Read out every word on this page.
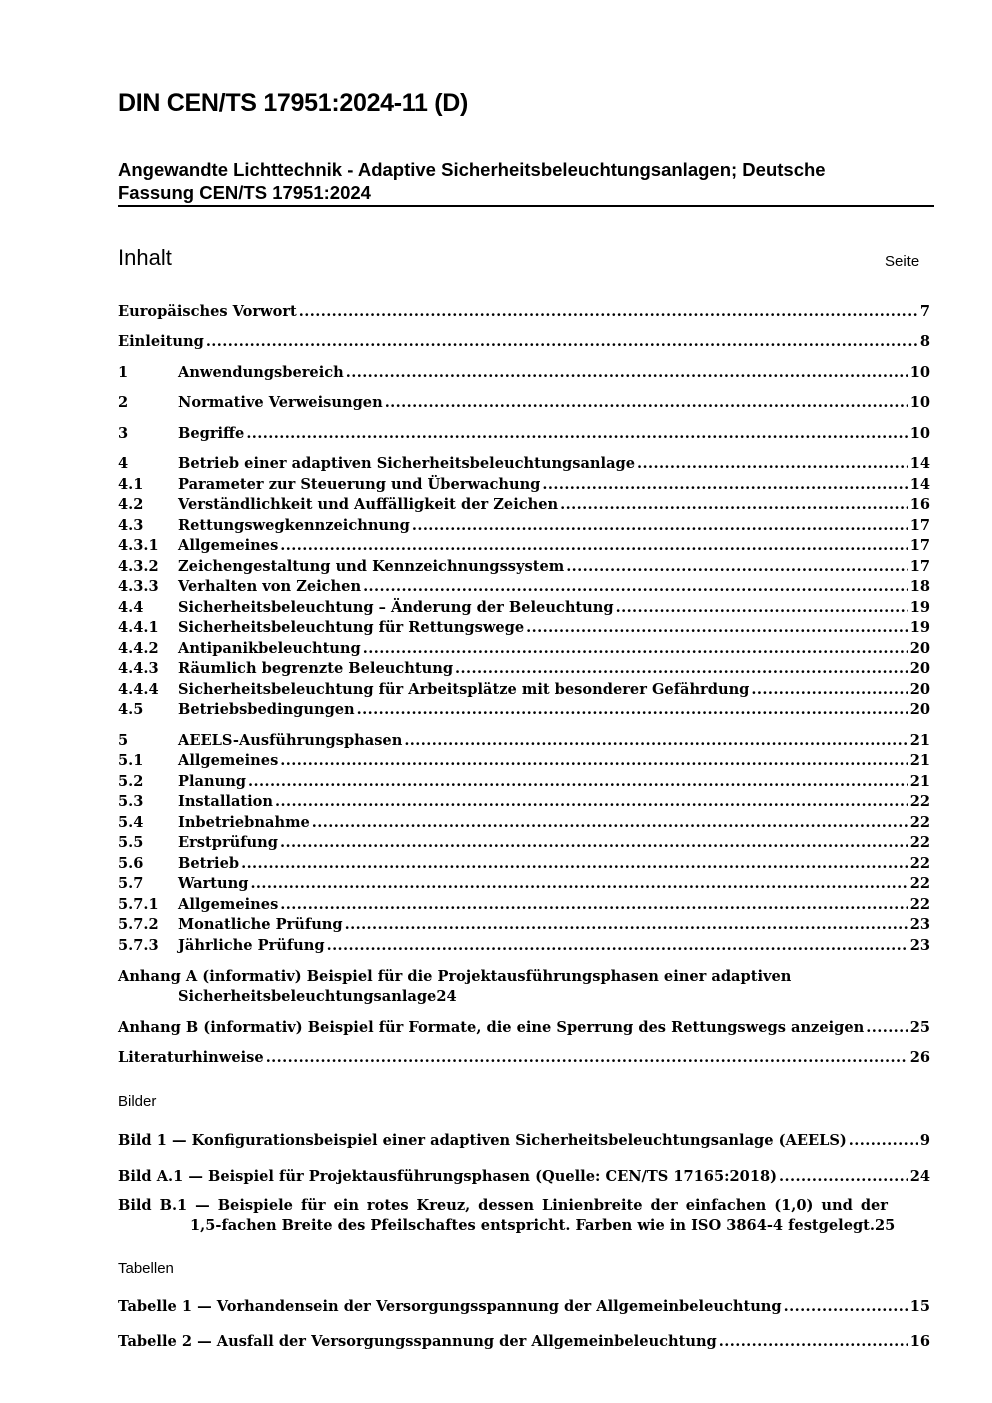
DIN CEN/TS 17951:2024-11 (D)
Angewandte Lichttechnik - Adaptive Sicherheitsbeleuchtungsanlagen; Deutsche
Fassung CEN/TS 17951:2024
Inhalt	Seite
Europäisches Vorwort .....	7
Einleitung .....	8
1	Anwendungsbereich .....	10
2	Normative Verweisungen .....	10
3	Begriffe .....	10
4	Betrieb einer adaptiven Sicherheitsbeleuchtungsanlage .....	14
4.1	Parameter zur Steuerung und Überwachung .....	14
4.2	Verständlichkeit und Auffälligkeit der Zeichen .....	16
4.3	Rettungswegkennzeichnung .....	17
4.3.1	Allgemeines .....	17
4.3.2	Zeichengestaltung und Kennzeichnungssystem .....	17
4.3.3	Verhalten von Zeichen .....	18
4.4	Sicherheitsbeleuchtung – Änderung der Beleuchtung .....	19
4.4.1	Sicherheitsbeleuchtung für Rettungswege .....	19
4.4.2	Antipanikbeleuchtung .....	20
4.4.3	Räumlich begrenzte Beleuchtung .....	20
4.4.4	Sicherheitsbeleuchtung für Arbeitsplätze mit besonderer Gefährdung .....	20
4.5	Betriebsbedingungen .....	20
5	AEELS-Ausführungsphasen .....	21
5.1	Allgemeines .....	21
5.2	Planung .....	21
5.3	Installation .....	22
5.4	Inbetriebnahme .....	22
5.5	Erstprüfung .....	22
5.6	Betrieb .....	22
5.7	Wartung .....	22
5.7.1	Allgemeines .....	22
5.7.2	Monatliche Prüfung .....	23
5.7.3	Jährliche Prüfung .....	23
Anhang A (informativ) Beispiel für die Projektausführungsphasen einer adaptiven
Sicherheitsbeleuchtungsanlage 24
Anhang B (informativ) Beispiel für Formate, die eine Sperrung des Rettungswegs anzeigen .....	25
Literaturhinweise .....	26
Bild 1 — Konfigurationsbeispiel einer adaptiven Sicherheitsbeleuchtungsanlage (AEELS) .....	9
Bild A.1 — Beispiel für Projektausführungsphasen (Quelle: CEN/TS 17165:2018) .....	24
Bild B.1 — Beispiele für ein rotes Kreuz, dessen Linienbreite der einfachen (1,0) und der
1,5-fachen Breite des Pfeilschaftes entspricht. Farben wie in ISO 3864-4 festgelegt. 25
Tabelle 1 — Vorhandensein der Versorgungsspannung der Allgemeinbeleuchtung .....	15
Tabelle 2 — Ausfall der Versorgungsspannung der Allgemeinbeleuchtung .....	16
Bilder
Tabellen
